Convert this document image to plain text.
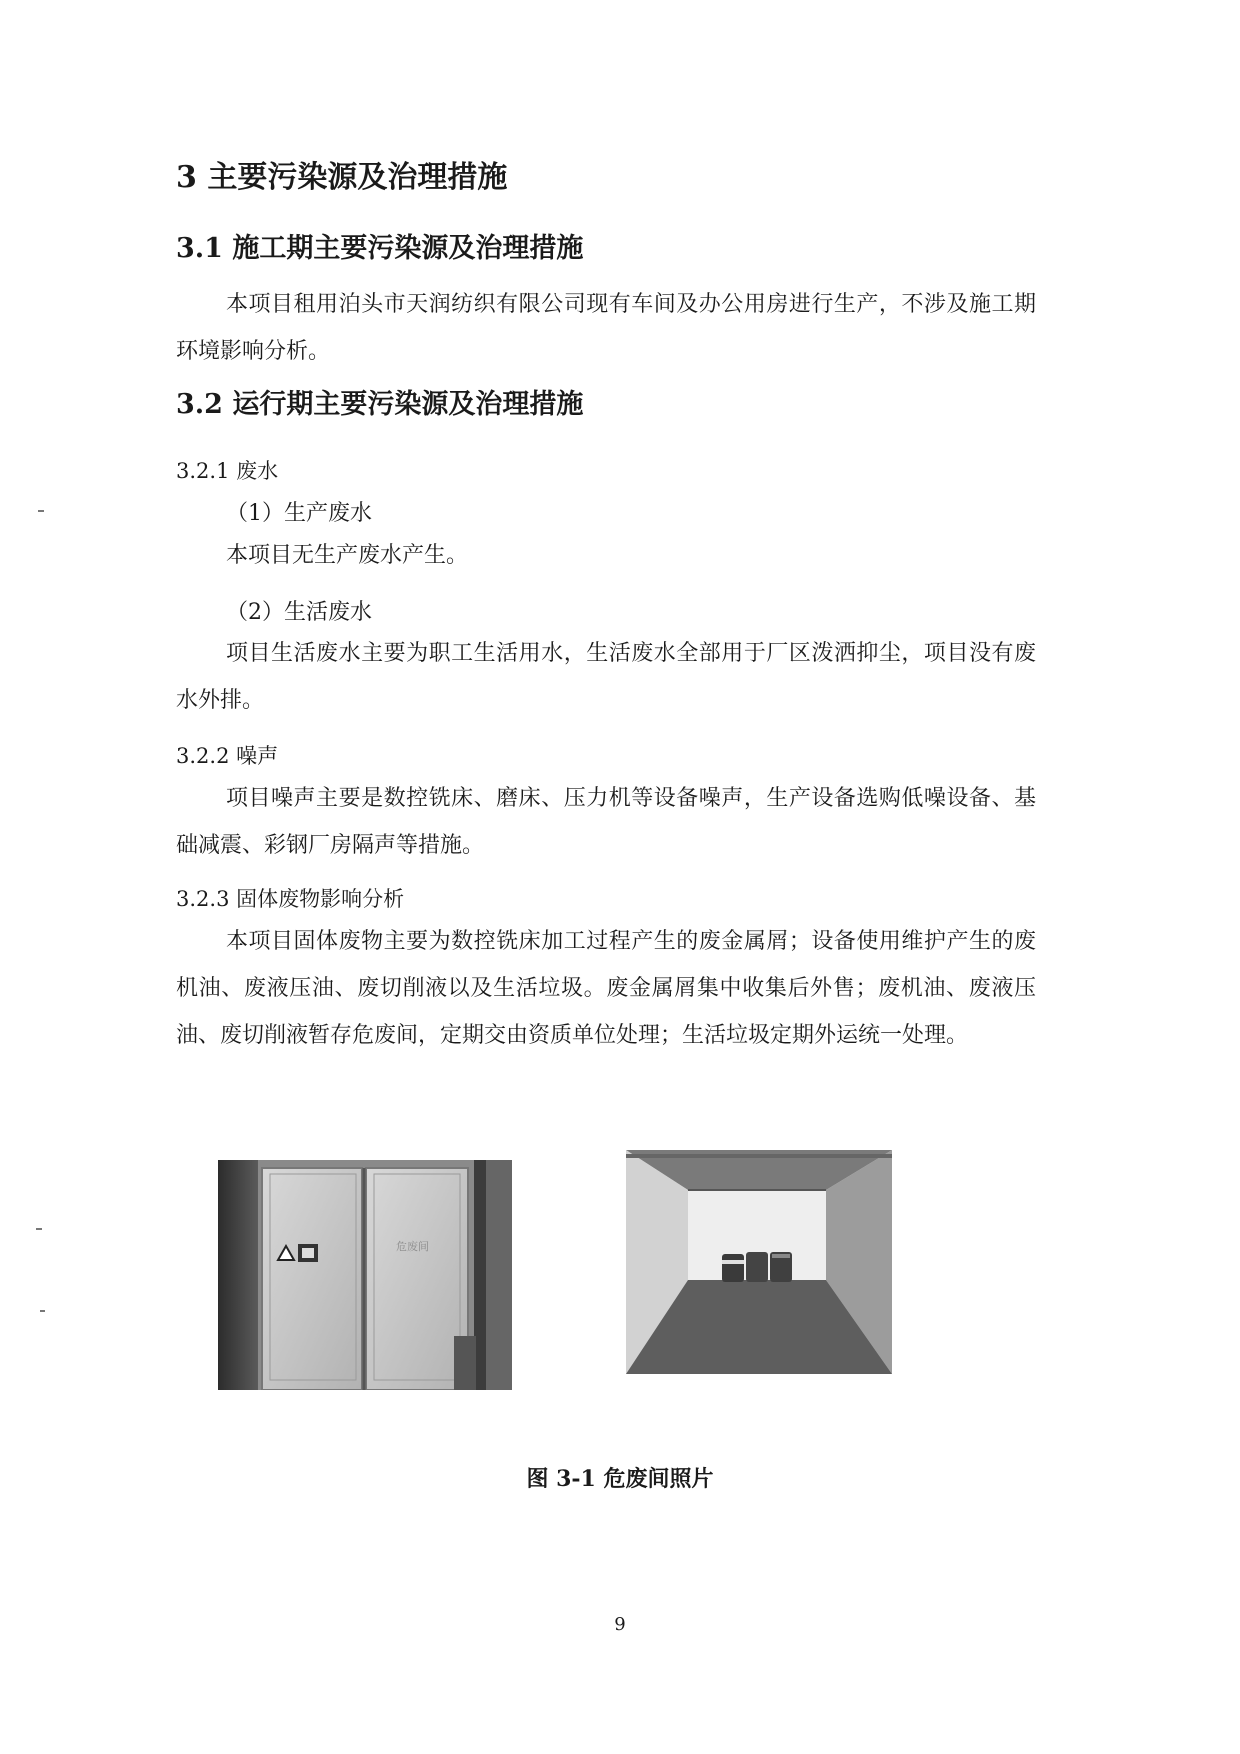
3 主要污染源及治理措施
3.1 施工期主要污染源及治理措施
本项目租用泊头市天润纺织有限公司现有车间及办公用房进行生产，不涉及施工期环境影响分析。
3.2 运行期主要污染源及治理措施
3.2.1 废水
（1）生产废水
本项目无生产废水产生。
（2）生活废水
项目生活废水主要为职工生活用水，生活废水全部用于厂区泼洒抑尘，项目没有废水外排。
3.2.2 噪声
项目噪声主要是数控铣床、磨床、压力机等设备噪声，生产设备选购低噪设备、基础减震、彩钢厂房隔声等措施。
3.2.3 固体废物影响分析
本项目固体废物主要为数控铣床加工过程产生的废金属屑；设备使用维护产生的废机油、废液压油、废切削液以及生活垃圾。废金属屑集中收集后外售；废机油、废液压油、废切削液暂存危废间，定期交由资质单位处理；生活垃圾定期外运统一处理。
危废间
图 3-1 危废间照片
9
